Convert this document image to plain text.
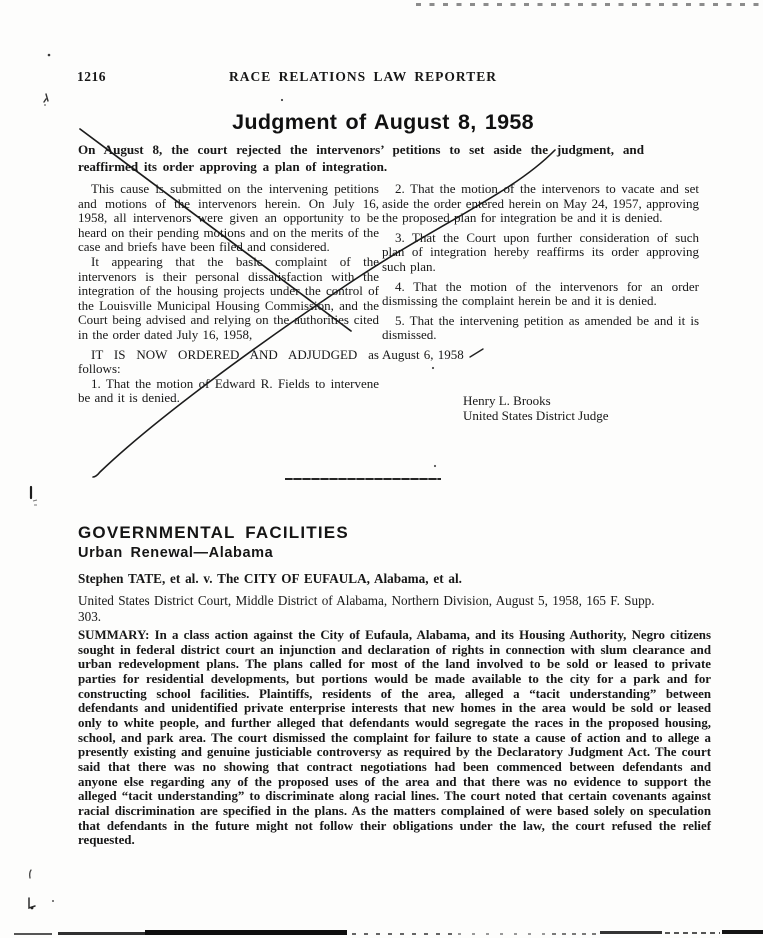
1216	RACE RELATIONS LAW REPORTER
Judgment of August 8, 1958
On August 8, the court rejected the intervenors’ petitions to set aside the judgment, and reaffirmed its order approving a plan of integration.

This cause is submitted on the intervening petitions and motions of the intervenors herein. On July 16, 1958, all intervenors were given an opportunity to be heard on their pending motions and on the merits of the case and briefs have been filed and considered.

It appearing that the basic complaint of the intervenors is their personal dissatisfaction with the integration of the housing projects under the control of the Louisville Municipal Housing Commission, and the Court being advised and relying on the authorities cited in the order dated July 16, 1958,

IT IS NOW ORDERED AND ADJUDGED as follows:

1. That the motion of Edward R. Fields to intervene be and it is denied.

2. That the motion of the intervenors to vacate and set aside the order entered herein on May 24, 1957, approving the proposed plan for integration be and it is denied.

3. That the Court upon further consideration of such plan of integration hereby reaffirms its order approving such plan.

4. That the motion of the intervenors for an order dismissing the complaint herein be and it is denied.

5. That the intervening petition as amended be and it is dismissed.

August 6, 1958

Henry L. Brooks
United States District Judge
GOVERNMENTAL FACILITIES
Urban Renewal—Alabama
Stephen TATE, et al. v. The CITY OF EUFAULA, Alabama, et al.
United States District Court, Middle District of Alabama, Northern Division, August 5, 1958, 165 F. Supp. 303.
SUMMARY: In a class action against the City of Eufaula, Alabama, and its Housing Authority, Negro citizens sought in federal district court an injunction and declaration of rights in connection with slum clearance and urban redevelopment plans. The plans called for most of the land involved to be sold or leased to private parties for residential developments, but portions would be made available to the city for a park and for constructing school facilities. Plaintiffs, residents of the area, alleged a “tacit understanding” between defendants and unidentified private enterprise interests that new homes in the area would be sold or leased only to white people, and further alleged that defendants would segregate the races in the proposed housing, school, and park area. The court dismissed the complaint for failure to state a cause of action and to allege a presently existing and genuine justiciable controversy as required by the Declaratory Judgment Act. The court said that there was no showing that contract negotiations had been commenced between defendants and anyone else regarding any of the proposed uses of the area and that there was no evidence to support the alleged “tacit understanding” to discriminate along racial lines. The court noted that certain covenants against racial discrimination are specified in the plans. As the matters complained of were based solely on speculation that defendants in the future might not follow their obligations under the law, the court refused the relief requested.
